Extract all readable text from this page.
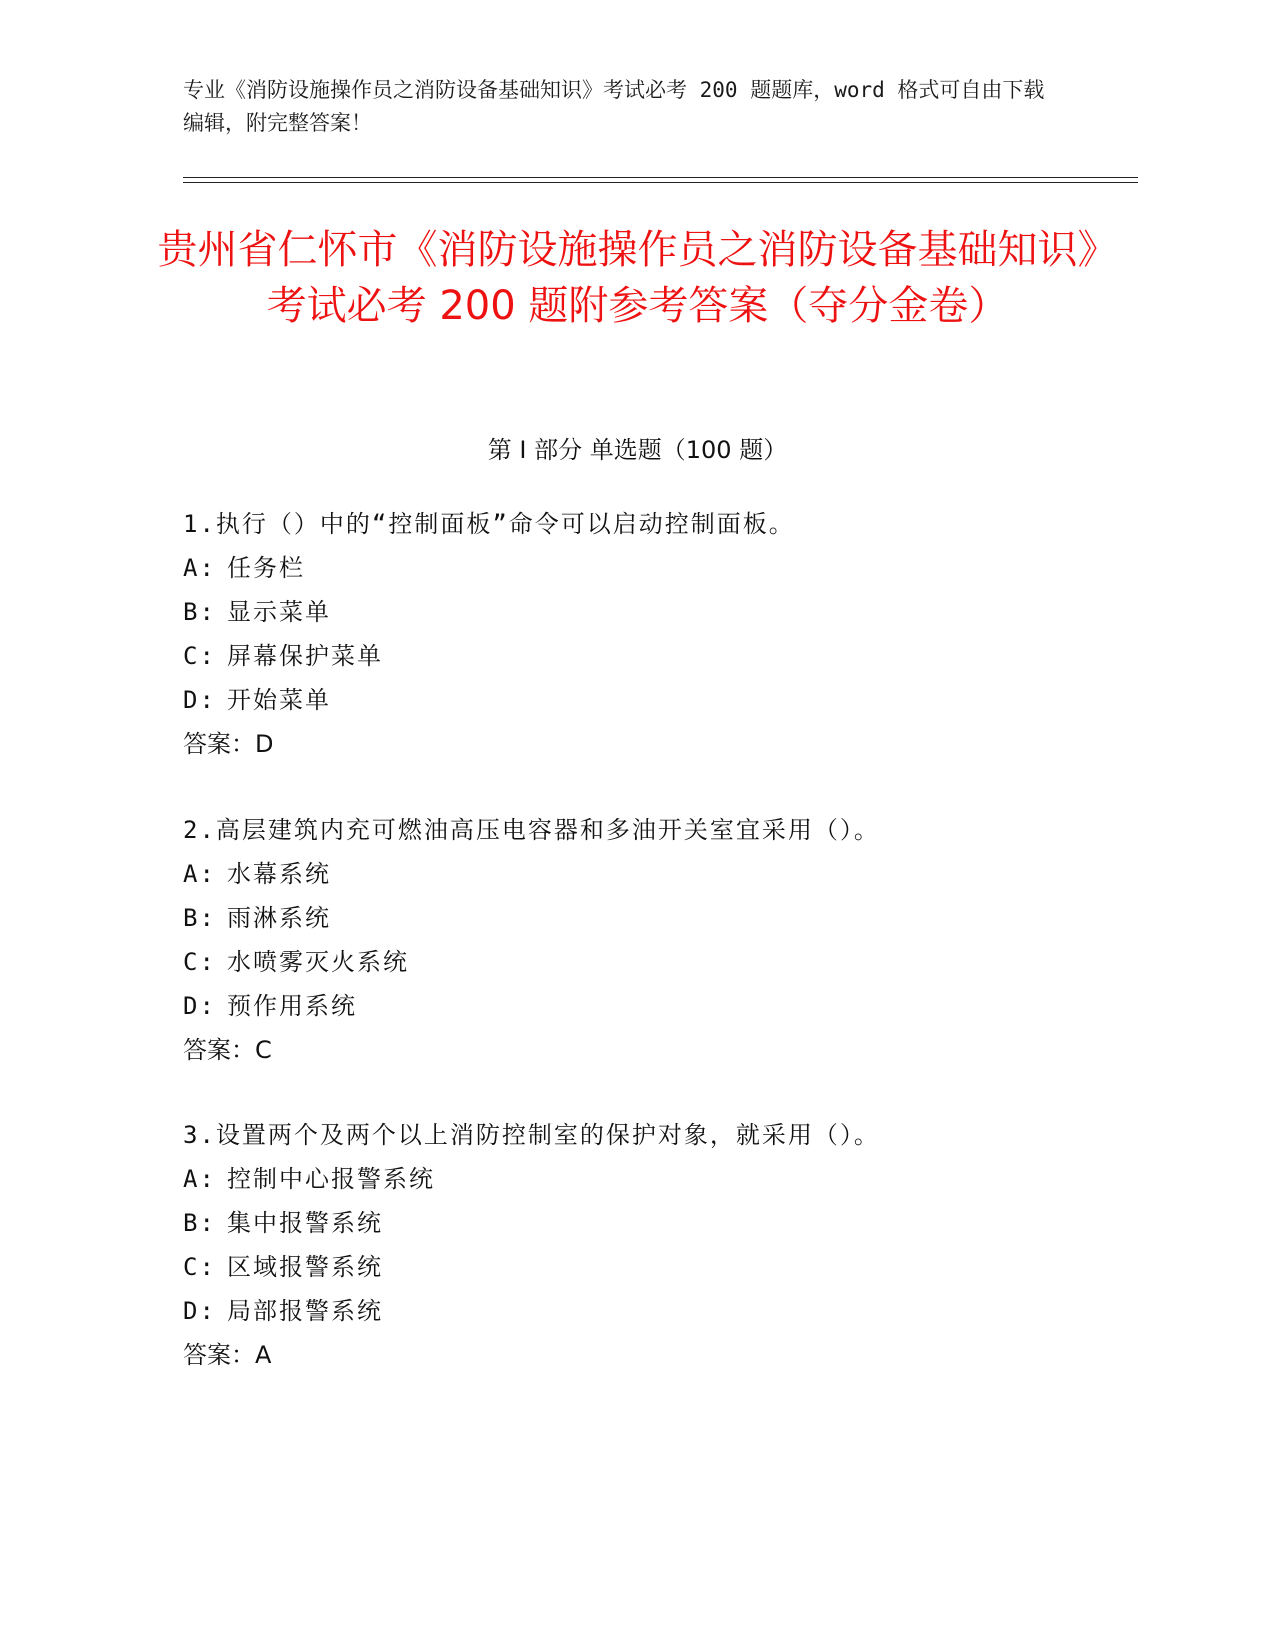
专业《消防设施操作员之消防设备基础知识》考试必考 200 题题库，word 格式可自由下载编辑，附完整答案！
贵州省仁怀市《消防设施操作员之消防设备基础知识》考试必考 200 题附参考答案（夺分金卷）
第 I 部分 单选题（100 题）
1.执行（）中的“控制面板”命令可以启动控制面板。
A: 任务栏
B: 显示菜单
C: 屏幕保护菜单
D: 开始菜单
答案：D
2.高层建筑内充可燃油高压电容器和多油开关室宜采用（）。
A: 水幕系统
B: 雨淋系统
C: 水喷雾灭火系统
D: 预作用系统
答案：C
3.设置两个及两个以上消防控制室的保护对象，就采用（）。
A: 控制中心报警系统
B: 集中报警系统
C: 区域报警系统
D: 局部报警系统
答案：A
